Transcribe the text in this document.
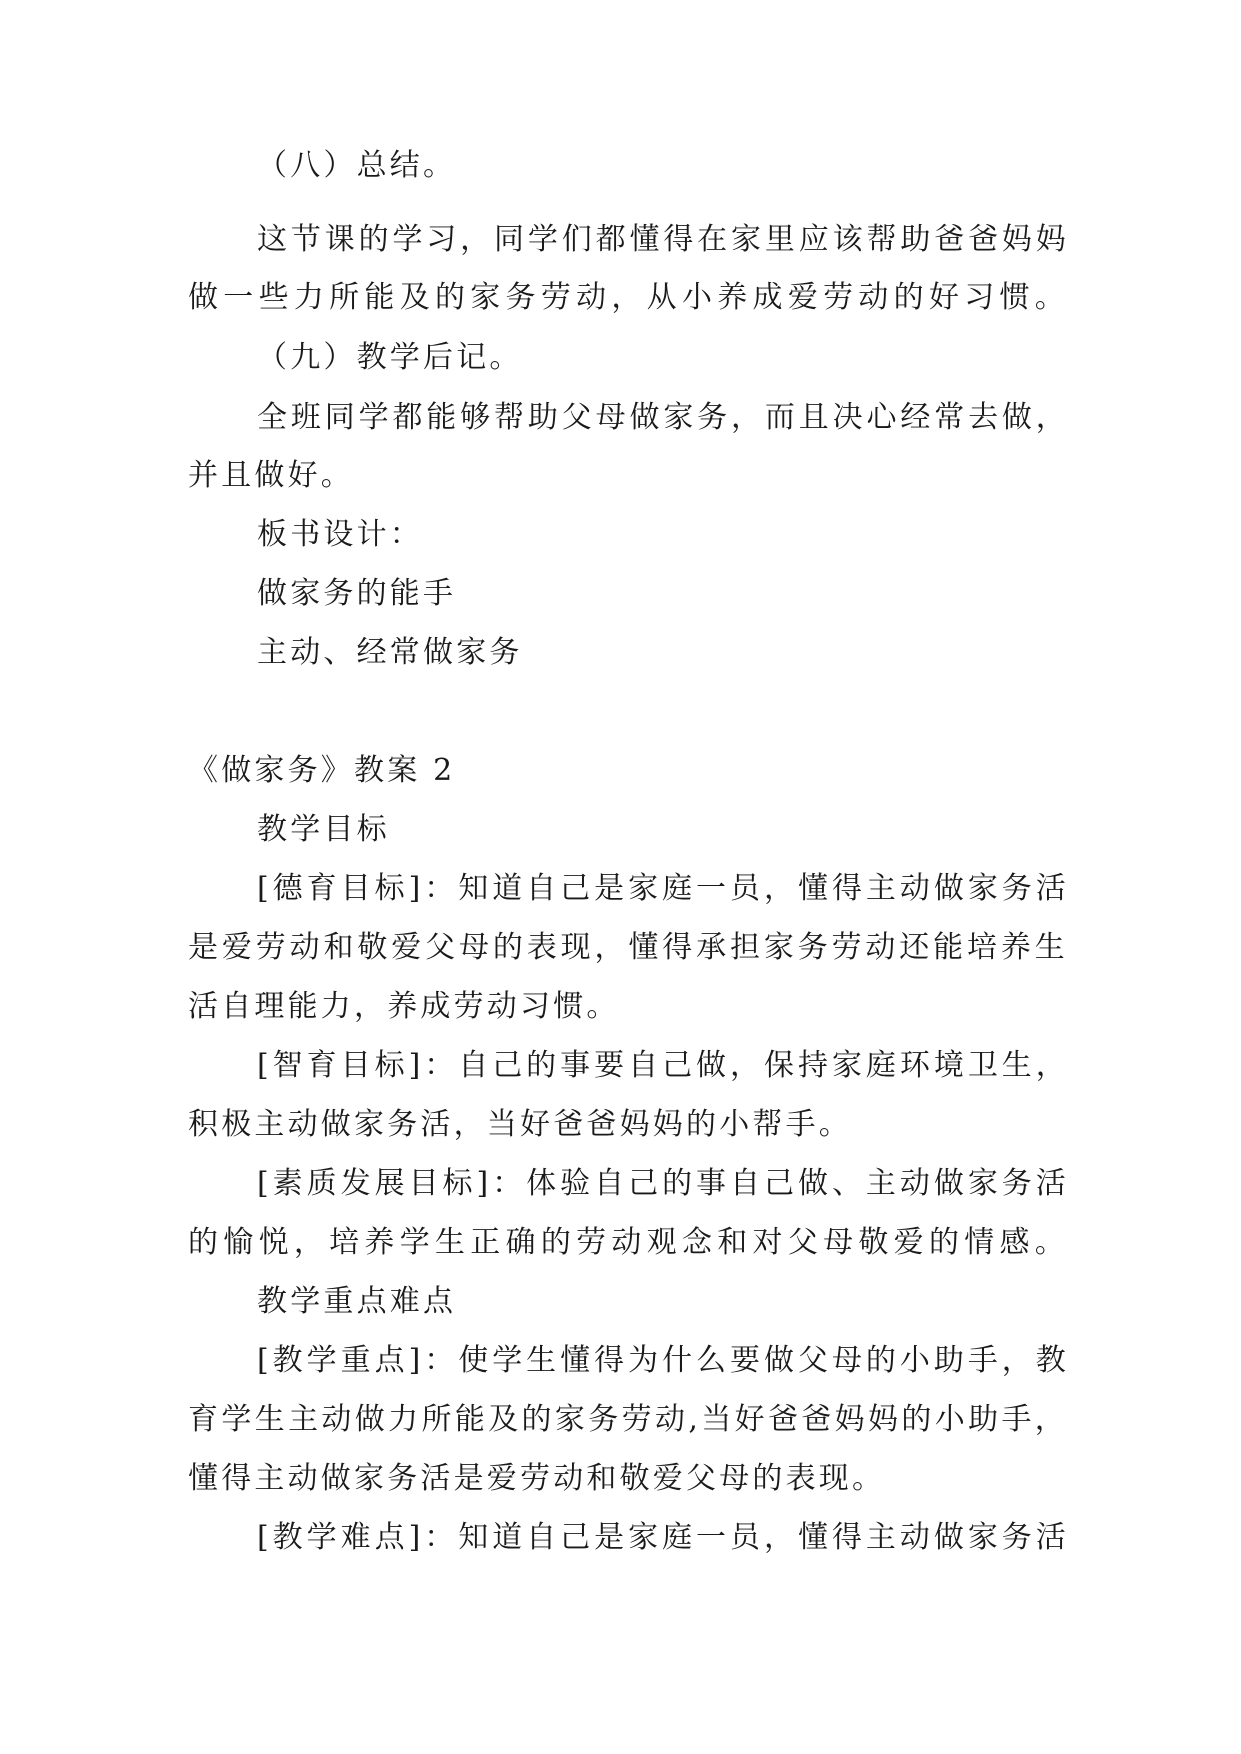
（八）总结。
这节课的学习，同学们都懂得在家里应该帮助爸爸妈妈
做一些力所能及的家务劳动，从小养成爱劳动的好习惯。
（九）教学后记。
全班同学都能够帮助父母做家务，而且决心经常去做，
并且做好。
板书设计：
做家务的能手
主动、经常做家务
《做家务》教案 2
教学目标
[德育目标]：知道自己是家庭一员，懂得主动做家务活
是爱劳动和敬爱父母的表现，懂得承担家务劳动还能培养生
活自理能力，养成劳动习惯。
[智育目标]：自己的事要自己做，保持家庭环境卫生，
积极主动做家务活，当好爸爸妈妈的小帮手。
[素质发展目标]：体验自己的事自己做、主动做家务活
的愉悦，培养学生正确的劳动观念和对父母敬爱的情感。
教学重点难点
[教学重点]：使学生懂得为什么要做父母的小助手，教
育学生主动做力所能及的家务劳动,当好爸爸妈妈的小助手，
懂得主动做家务活是爱劳动和敬爱父母的表现。
[教学难点]：知道自己是家庭一员，懂得主动做家务活
